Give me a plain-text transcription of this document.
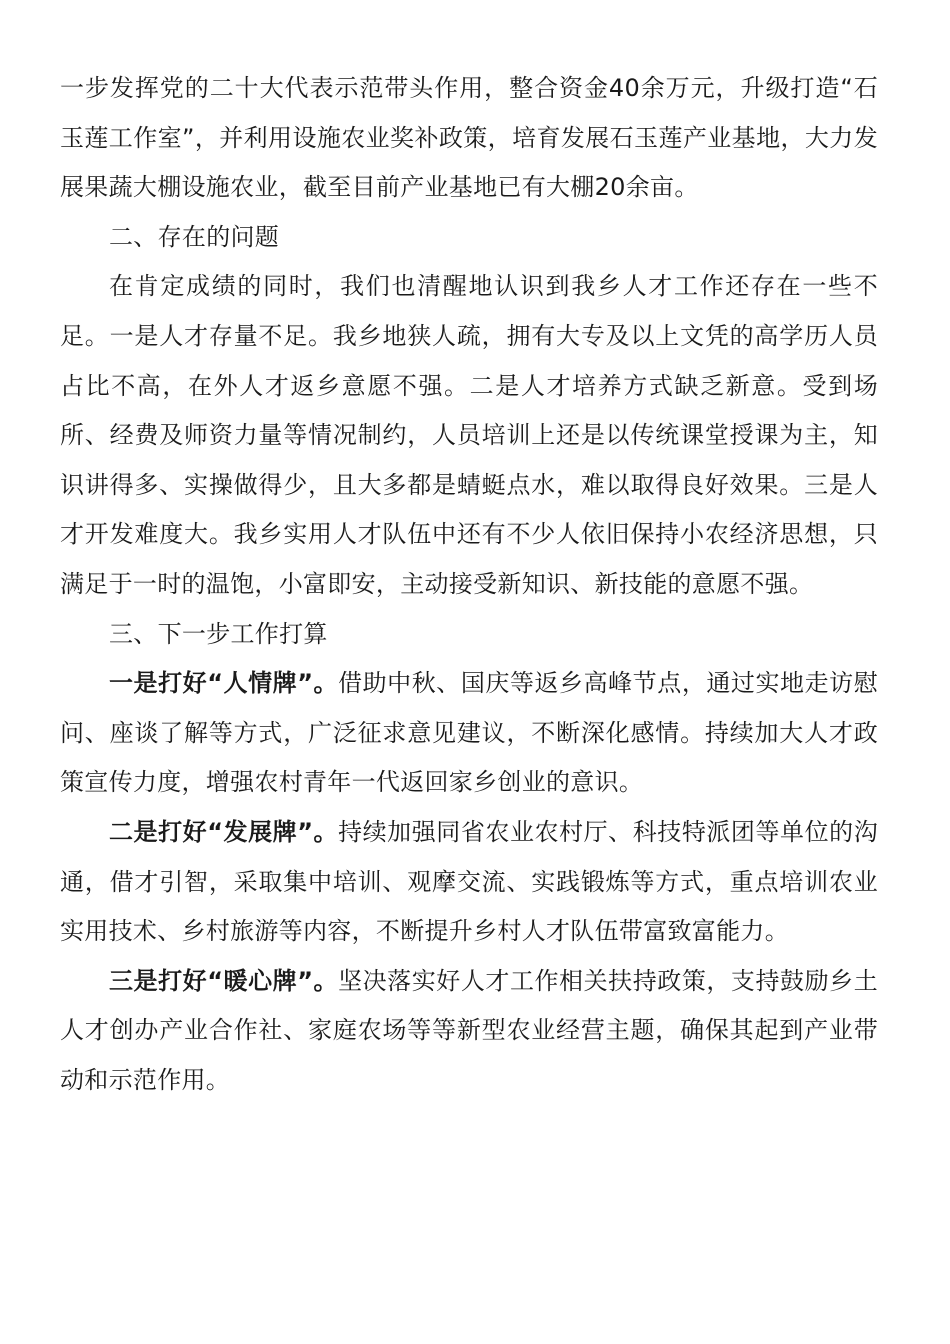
一步发挥党的二十大代表示范带头作用，整合资金40余万元，升级打造“石玉莲工作室”，并利用设施农业奖补政策，培育发展石玉莲产业基地，大力发展果蔬大棚设施农业，截至目前产业基地已有大棚20余亩。

二、存在的问题

在肯定成绩的同时，我们也清醒地认识到我乡人才工作还存在一些不足。一是人才存量不足。我乡地狭人疏，拥有大专及以上文凭的高学历人员占比不高，在外人才返乡意愿不强。二是人才培养方式缺乏新意。受到场所、经费及师资力量等情况制约，人员培训上还是以传统课堂授课为主，知识讲得多、实操做得少，且大多都是蜻蜓点水，难以取得良好效果。三是人才开发难度大。我乡实用人才队伍中还有不少人依旧保持小农经济思想，只满足于一时的温饱，小富即安，主动接受新知识、新技能的意愿不强。

三、下一步工作打算

一是打好“人情牌”。借助中秋、国庆等返乡高峰节点，通过实地走访慰问、座谈了解等方式，广泛征求意见建议，不断深化感情。持续加大人才政策宣传力度，增强农村青年一代返回家乡创业的意识。

二是打好“发展牌”。持续加强同省农业农村厅、科技特派团等单位的沟通，借才引智，采取集中培训、观摩交流、实践锻炼等方式，重点培训农业实用技术、乡村旅游等内容，不断提升乡村人才队伍带富致富能力。

三是打好“暖心牌”。坚决落实好人才工作相关扶持政策，支持鼓励乡土人才创办产业合作社、家庭农场等等新型农业经营主题，确保其起到产业带动和示范作用。
